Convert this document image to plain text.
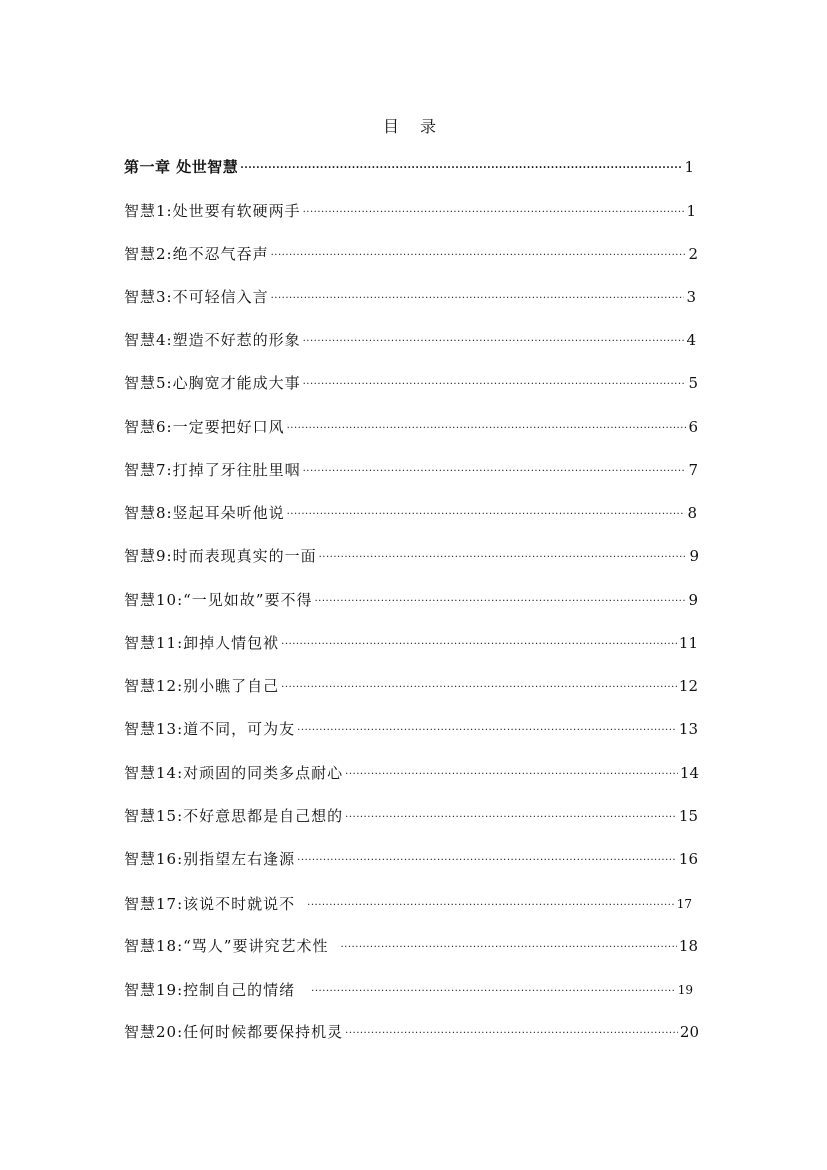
目 录
第一章 处世智慧 .....	1
智慧1:处世要有软硬两手 .....	1
智慧2:绝不忍气吞声 .....	2
智慧3:不可轻信入言 .....	3
智慧4:塑造不好惹的形象 .....	4
智慧5:心胸宽才能成大事 .....	5
智慧6:一定要把好口风 .....	6
智慧7:打掉了牙往肚里咽 .....	7
智慧8:竖起耳朵听他说 .....	8
智慧9:时而表现真实的一面 .....	9
智慧10:“一见如故”要不得 .....	9
智慧11:卸掉人情包袱 .....	11
智慧12:别小瞧了自己 .....	12
智慧13:道不同，可为友 .....	13
智慧14:对顽固的同类多点耐心 .....	14
智慧15:不好意思都是自己想的 .....	15
智慧16:别指望左右逢源 .....	16
智慧17:该说不时就说不 .....	17
智慧18:“骂人”要讲究艺术性 .....	18
智慧19:控制自己的情绪 .....	19
智慧20:任何时候都要保持机灵 .....	20
